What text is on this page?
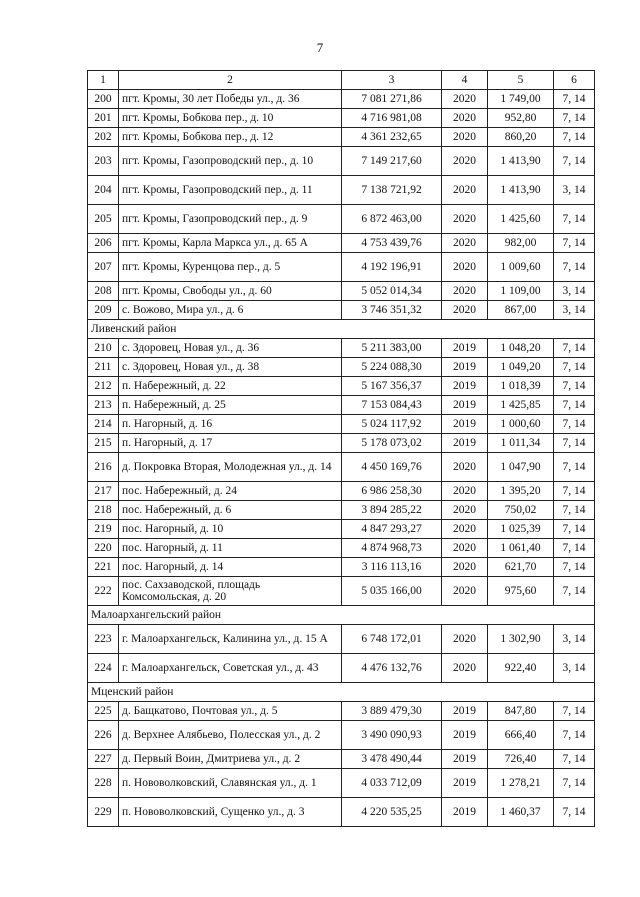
7
1	2	3	4	5	6
200	пгт. Кромы, 30 лет Победы ул., д. 36	7 081 271,86	2020	1 749,00	7, 14
201	пгт. Кромы, Бобкова пер., д. 10	4 716 981,08	2020	952,80	7, 14
202	пгт. Кромы, Бобкова пер., д. 12	4 361 232,65	2020	860,20	7, 14
203	пгт. Кромы, Газопроводский пер., д. 10	7 149 217,60	2020	1 413,90	7, 14
204	пгт. Кромы, Газопроводский пер., д. 11	7 138 721,92	2020	1 413,90	3, 14
205	пгт. Кромы, Газопроводский пер., д. 9	6 872 463,00	2020	1 425,60	7, 14
206	пгт. Кромы, Карла Маркса ул., д. 65 А	4 753 439,76	2020	982,00	7, 14
207	пгт. Кромы, Куренцова пер., д. 5	4 192 196,91	2020	1 009,60	7, 14
208	пгт. Кромы, Свободы ул., д. 60	5 052 014,34	2020	1 109,00	3, 14
209	с. Вожово, Мира ул., д. 6	3 746 351,32	2020	867,00	3, 14
Ливенский район					
210	с. Здоровец, Новая ул., д. 36	5 211 383,00	2019	1 048,20	7, 14
211	с. Здоровец, Новая ул., д. 38	5 224 088,30	2019	1 049,20	7, 14
212	п. Набережный, д. 22	5 167 356,37	2019	1 018,39	7, 14
213	п. Набережный, д. 25	7 153 084,43	2019	1 425,85	7, 14
214	п. Нагорный, д. 16	5 024 117,92	2019	1 000,60	7, 14
215	п. Нагорный, д. 17	5 178 073,02	2019	1 011,34	7, 14
216	д. Покровка Вторая, Молодежная ул., д. 14	4 450 169,76	2020	1 047,90	7, 14
217	пос. Набережный, д. 24	6 986 258,30	2020	1 395,20	7, 14
218	пос. Набережный, д. 6	3 894 285,22	2020	750,02	7, 14
219	пос. Нагорный, д. 10	4 847 293,27	2020	1 025,39	7, 14
220	пос. Нагорный, д. 11	4 874 968,73	2020	1 061,40	7, 14
221	пос. Нагорный, д. 14	3 116 113,16	2020	621,70	7, 14
222	пос. Сахзаводской, площадь Комсомольская, д. 20	5 035 166,00	2020	975,60	7, 14
Малоархангельский район					
223	г. Малоархангельск, Калинина ул., д. 15 А	6 748 172,01	2020	1 302,90	3, 14
224	г. Малоархангельск, Советская ул., д. 43	4 476 132,76	2020	922,40	3, 14
Мценский район					
225	д. Бащкатово, Почтовая ул., д. 5	3 889 479,30	2019	847,80	7, 14
226	д. Верхнее Алябьево, Полесская ул., д. 2	3 490 090,93	2019	666,40	7, 14
227	д. Первый Воин, Дмитриева ул., д. 2	3 478 490,44	2019	726,40	7, 14
228	п. Нововолковский, Славянская ул., д. 1	4 033 712,09	2019	1 278,21	7, 14
229	п. Нововолковский, Сущенко ул., д. 3	4 220 535,25	2019	1 460,37	7, 14
